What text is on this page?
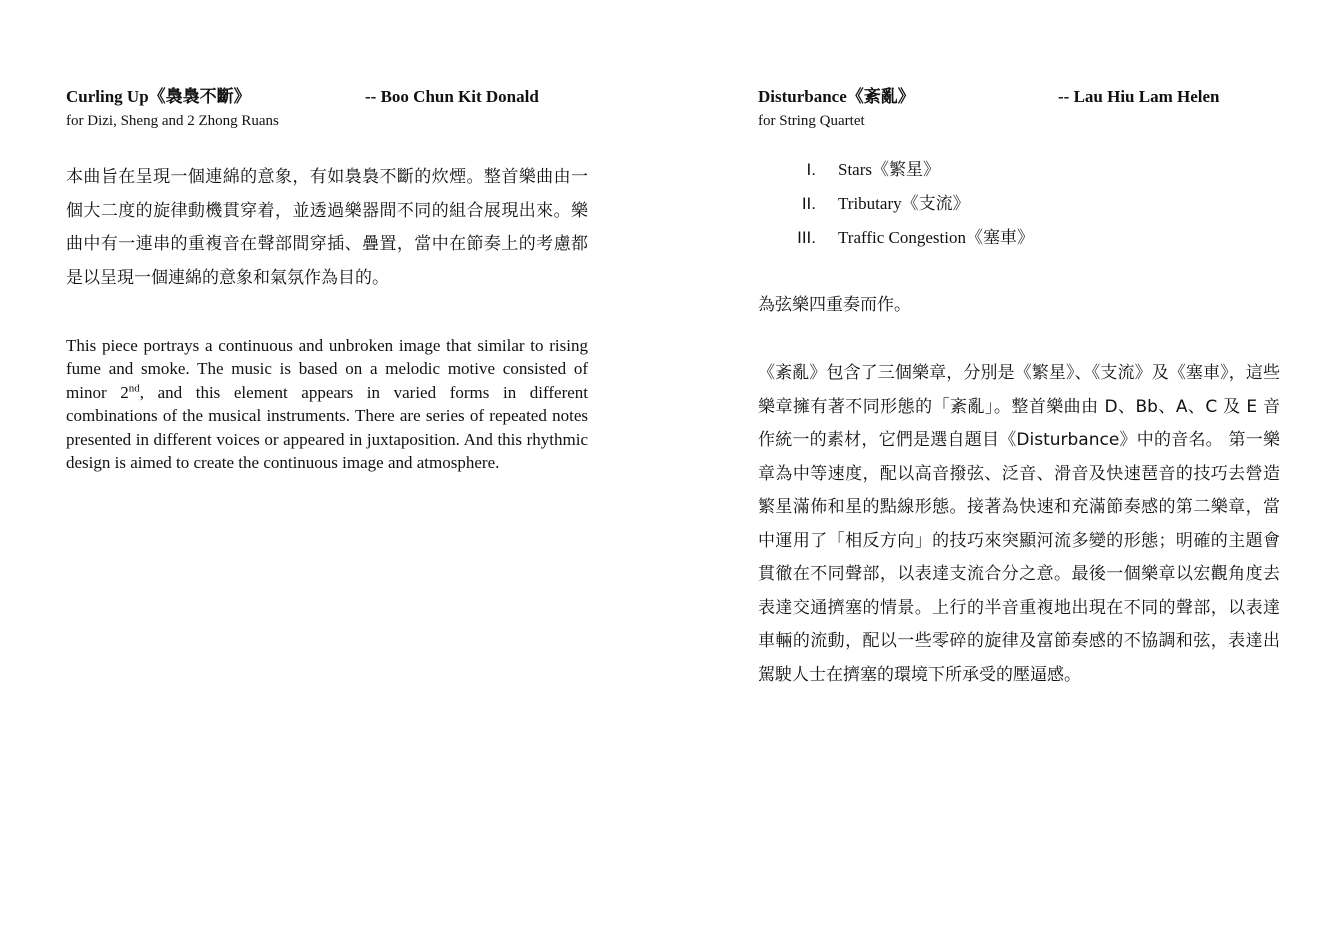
Curling Up《裊裊不斷》	-- Boo Chun Kit Donald

for Dizi, Sheng and 2 Zhong Ruans

本曲旨在呈現一個連綿的意象，有如裊裊不斷的炊煙。整首樂曲由一個大二度的旋律動機貫穿着，並透過樂器間不同的組合展現出來。樂曲中有一連串的重複音在聲部間穿插、疊置，當中在節奏上的考慮都是以呈現一個連綿的意象和氣氛作為目的。

This piece portrays a continuous and unbroken image that similar to rising fume and smoke. The music is based on a melodic motive consisted of minor 2nd, and this element appears in varied forms in different combinations of the musical instruments. There are series of repeated notes presented in different voices or appeared in juxtaposition. And this rhythmic design is aimed to create the continuous image and atmosphere.

Disturbance《紊亂》	-- Lau Hiu Lam Helen

for String Quartet

I. Stars《繁星》
II. Tributary《支流》
III. Traffic Congestion《塞車》

為弦樂四重奏而作。

《紊亂》包含了三個樂章，分別是《繁星》、《支流》及《塞車》，這些樂章擁有著不同形態的「紊亂」。整首樂曲由 D、Bb、A、C 及 E 音作統一的素材，它們是選自題目《Disturbance》中的音名。 第一樂章為中等速度，配以高音撥弦、泛音、滑音及快速琶音的技巧去營造繁星滿佈和星的點線形態。接著為快速和充滿節奏感的第二樂章，當中運用了「相反方向」的技巧來突顯河流多變的形態；明確的主題會貫徹在不同聲部，以表達支流合分之意。最後一個樂章以宏觀角度去表達交通擠塞的情景。上行的半音重複地出現在不同的聲部，以表達車輛的流動，配以一些零碎的旋律及富節奏感的不協調和弦，表達出駕駛人士在擠塞的環境下所承受的壓逼感。
